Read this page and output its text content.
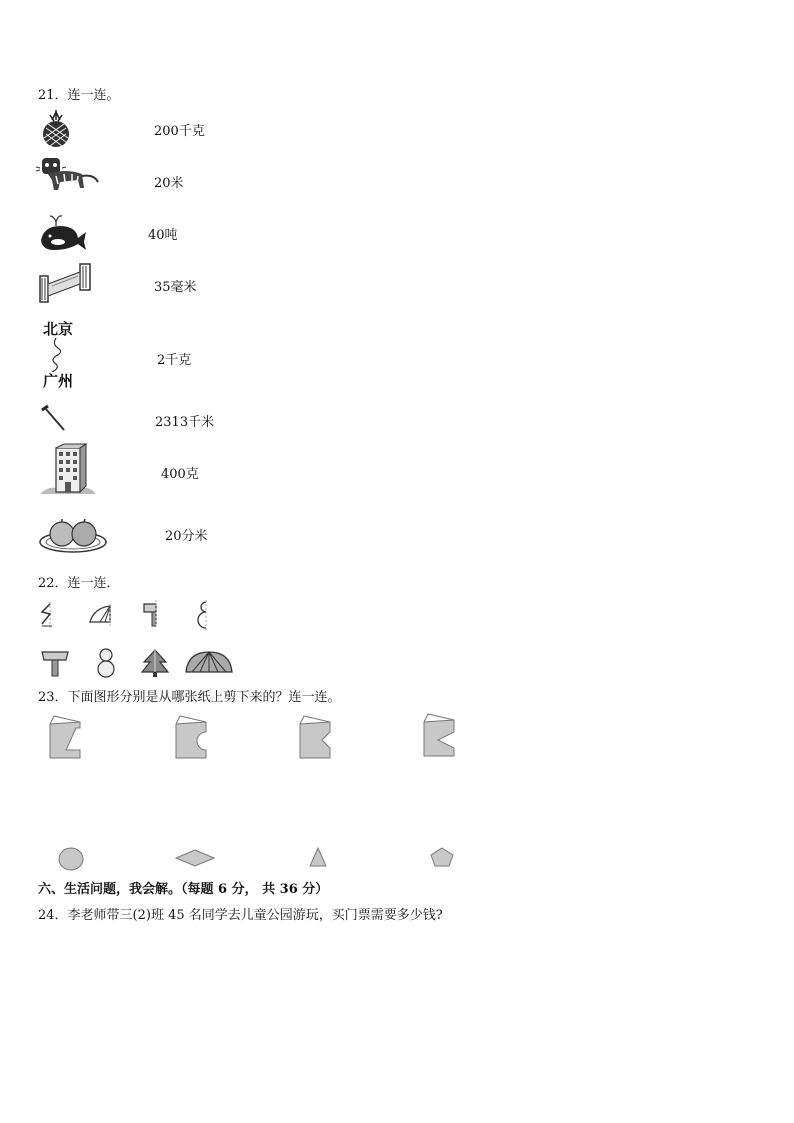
21．连一连。
200千克
20米
40吨
35毫米
北京
广州
2千克
2313千米
400克
20分米
22．连一连．
23．下面图形分别是从哪张纸上剪下来的？连一连。
六、生活问题，我会解。（每题 6 分， 共 36 分）
24．李老师带三(2)班 45 名同学去儿童公园游玩，买门票需要多少钱?
